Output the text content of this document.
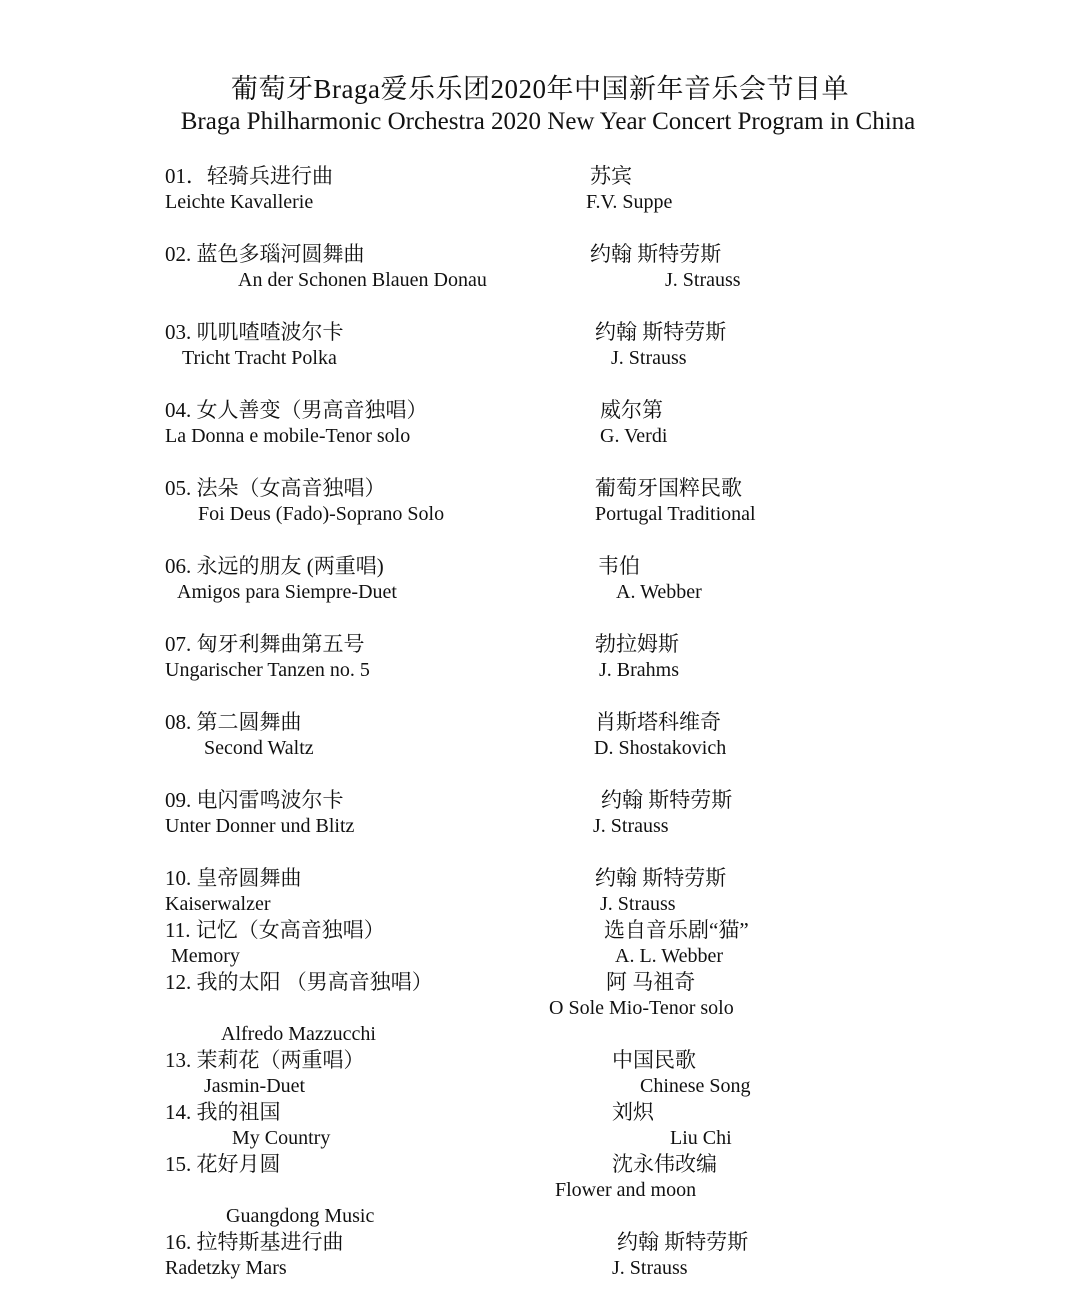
葡萄牙Braga爱乐乐团2020年中国新年音乐会节目单
Braga Philharmonic Orchestra 2020 New Year Concert Program in China
01．轻骑兵进行曲
Leichte Kavallerie
苏宾
F.V. Suppe
02. 蓝色多瑙河圆舞曲
An der Schonen Blauen Donau
约翰 斯特劳斯
J. Strauss
03. 叽叽喳喳波尔卡
Tricht Tracht Polka
约翰 斯特劳斯
J. Strauss
04. 女人善变（男高音独唱）
La Donna e mobile-Tenor solo
威尔第
G. Verdi
05. 法朵（女高音独唱）
Foi Deus (Fado)-Soprano Solo
葡萄牙国粹民歌
Portugal Traditional
06. 永远的朋友 (两重唱)
Amigos para Siempre-Duet
韦伯
A. Webber
07. 匈牙利舞曲第五号
Ungarischer Tanzen no. 5
勃拉姆斯
J. Brahms
08. 第二圆舞曲
Second Waltz
肖斯塔科维奇
D. Shostakovich
09. 电闪雷鸣波尔卡
Unter Donner und Blitz
约翰 斯特劳斯
J. Strauss
10. 皇帝圆舞曲
Kaiserwalzer
约翰 斯特劳斯
J. Strauss
11. 记忆（女高音独唱）
Memory
选自音乐剧“猫”
A. L. Webber
12. 我的太阳 （男高音独唱）
Alfredo Mazzucchi
阿 马祖奇
O Sole Mio-Tenor solo
13. 茉莉花（两重唱）
Jasmin-Duet
中国民歌
Chinese Song
14. 我的祖国
My Country
刘炽
Liu Chi
15. 花好月圆
Guangdong Music
沈永伟改编
Flower and moon
16. 拉特斯基进行曲
Radetzky Mars
约翰 斯特劳斯
J. Strauss
